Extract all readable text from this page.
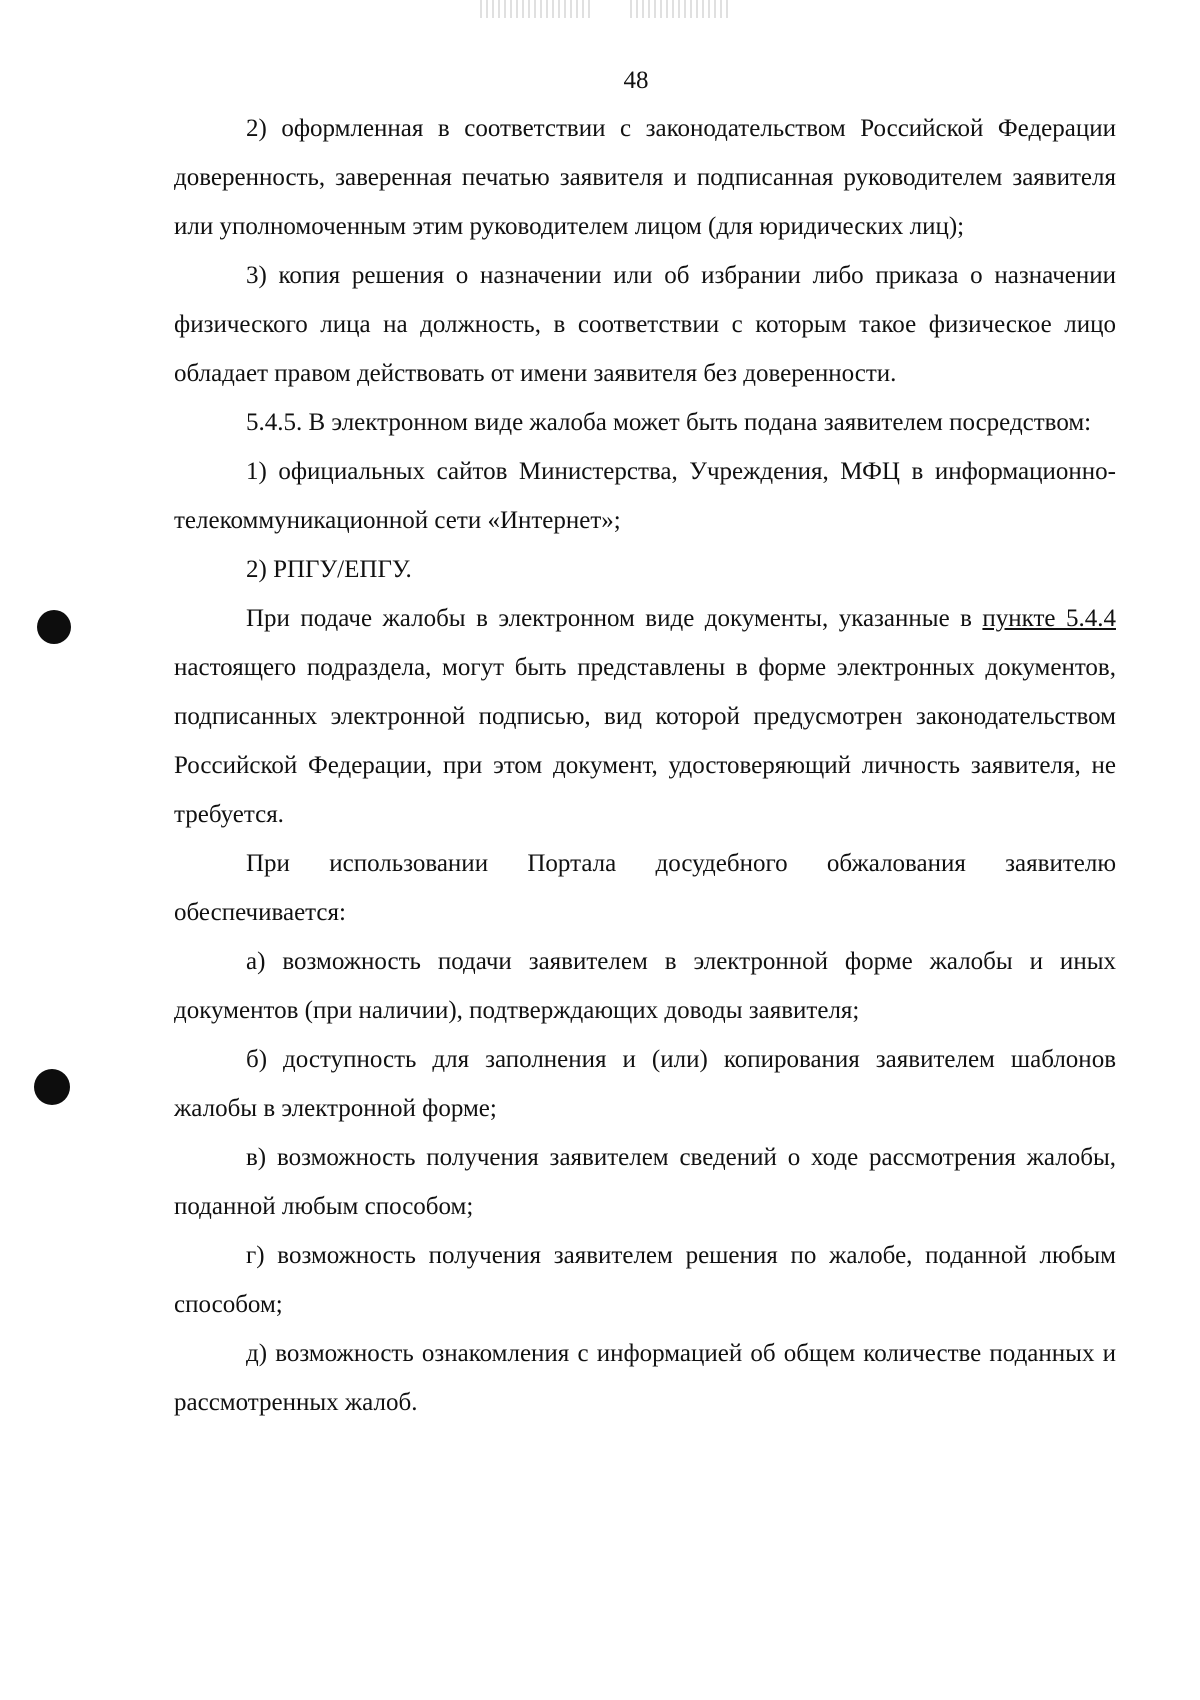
48

2) оформленная в соответствии с законодательством Российской Федерации доверенность, заверенная печатью заявителя и подписанная руководителем заявителя или уполномоченным этим руководителем лицом (для юридических лиц);

3) копия решения о назначении или об избрании либо приказа о назначении физического лица на должность, в соответствии с которым такое физическое лицо обладает правом действовать от имени заявителя без доверенности.

5.4.5. В электронном виде жалоба может быть подана заявителем посредством:

1) официальных сайтов Министерства, Учреждения, МФЦ в информационно-телекоммуникационной сети «Интернет»;

2) РПГУ/ЕПГУ.

При подаче жалобы в электронном виде документы, указанные в пункте 5.4.4 настоящего подраздела, могут быть представлены в форме электронных документов, подписанных электронной подписью, вид которой предусмотрен законодательством Российской Федерации, при этом документ, удостоверяющий личность заявителя, не требуется.

При использовании Портала досудебного обжалования заявителю обеспечивается:

а) возможность подачи заявителем в электронной форме жалобы и иных документов (при наличии), подтверждающих доводы заявителя;

б) доступность для заполнения и (или) копирования заявителем шаблонов жалобы в электронной форме;

в) возможность получения заявителем сведений о ходе рассмотрения жалобы, поданной любым способом;

г) возможность получения заявителем решения по жалобе, поданной любым способом;

д) возможность ознакомления с информацией об общем количестве поданных и рассмотренных жалоб.
